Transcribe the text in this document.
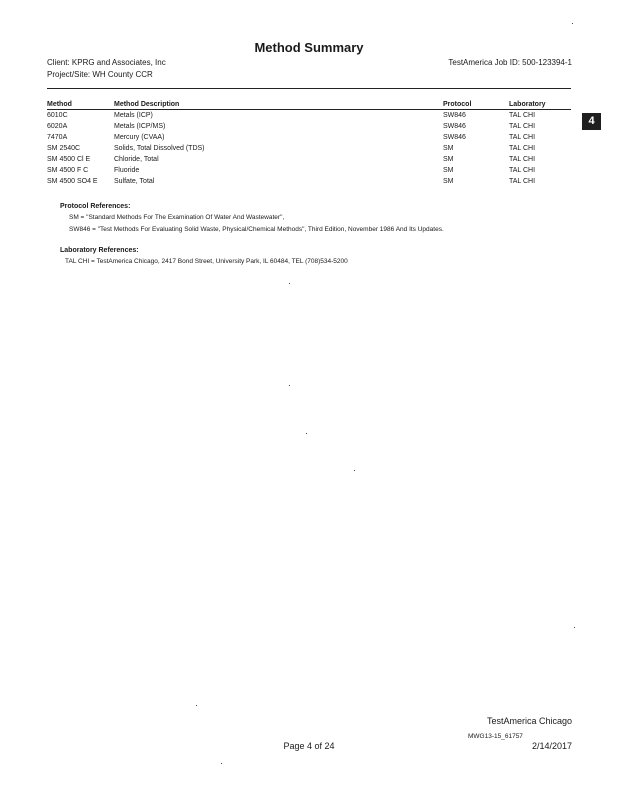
Method Summary
Client: KPRG and Associates, Inc
Project/Site: WH County CCR
TestAmerica Job ID: 500-123394-1
4
Method	Method Description	Protocol	Laboratory
6010C	Metals (ICP)	SW846	TAL CHI
6020A	Metals (ICP/MS)	SW846	TAL CHI
7470A	Mercury (CVAA)	SW846	TAL CHI
SM 2540C	Solids, Total Dissolved (TDS)	SM	TAL CHI
SM 4500 Cl E	Chloride, Total	SM	TAL CHI
SM 4500 F C	Fluoride	SM	TAL CHI
SM 4500 SO4 E	Sulfate, Total	SM	TAL CHI
Protocol References:
SM = "Standard Methods For The Examination Of Water And Wastewater",
SW846 = "Test Methods For Evaluating Solid Waste, Physical/Chemical Methods", Third Edition, November 1986 And Its Updates.
Laboratory References:
TAL CHI = TestAmerica Chicago, 2417 Bond Street, University Park, IL 60484, TEL (708)534-5200
TestAmerica Chicago
MWG13-15_61757
Page 4 of 24	2/14/2017
